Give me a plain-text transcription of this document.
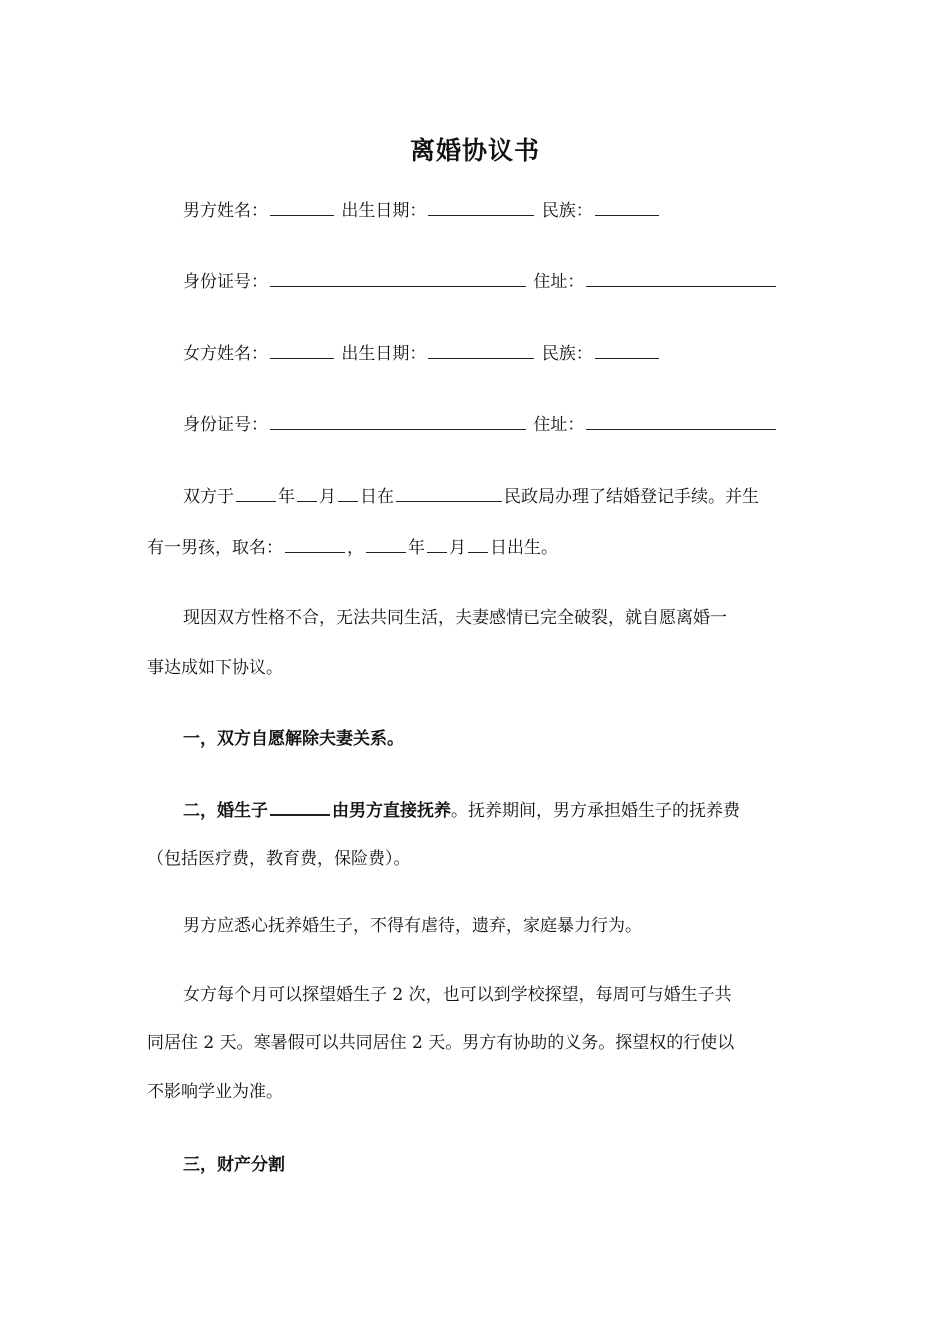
离婚协议书
男方姓名：	出生日期：	民族：
身份证号：	住址：
女方姓名：	出生日期：	民族：
身份证号：	住址：
双方于	年 月 日在	民政局办理了结婚登记手续。并生
有一男孩，取名：	，	年 月 日出生。
现因双方性格不合，无法共同生活，夫妻感情已完全破裂，就自愿离婚一
事达成如下协议。
一，双方自愿解除夫妻关系。
二，婚生子	由男方直接抚养。抚养期间，男方承担婚生子的抚养费
（包括医疗费，教育费，保险费）。
男方应悉心抚养婚生子，不得有虐待，遗弃，家庭暴力行为。
女方每个月可以探望婚生子 2 次，也可以到学校探望，每周可与婚生子共
同居住 2 天。寒暑假可以共同居住 2 天。男方有协助的义务。探望权的行使以
不影响学业为准。
三，财产分割
